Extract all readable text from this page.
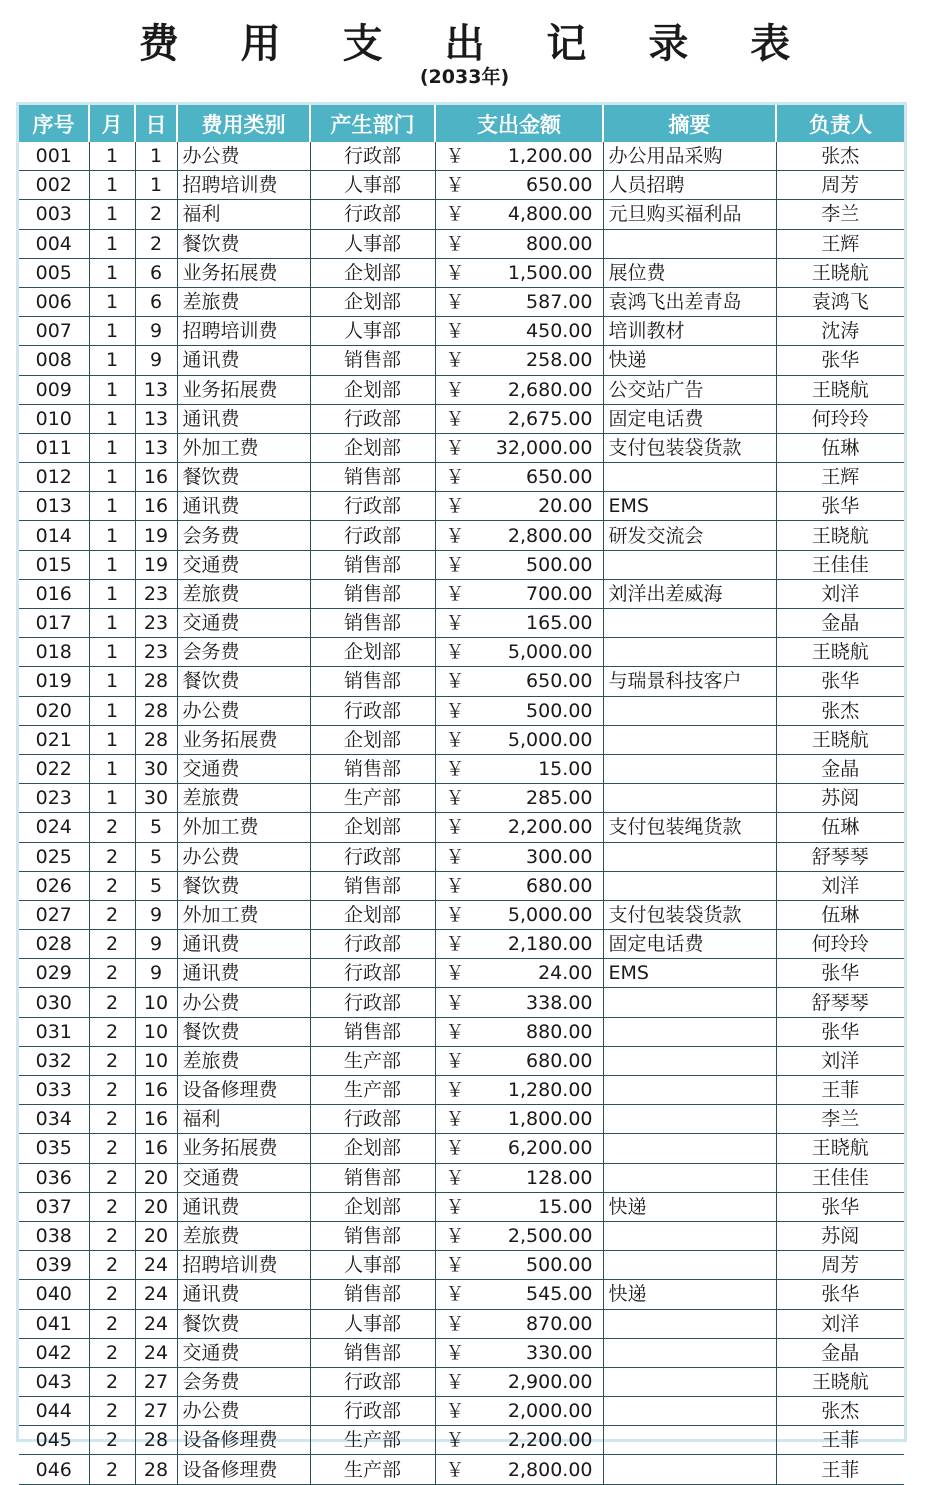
费 用 支 出 记 录 表
(2033年)
序号	月	日	费用类别	产生部门	支出金额	摘要	负责人
001	1	1	办公费	行政部	￥ 1,200.00	办公用品采购	张杰
002	1	1	招聘培训费	人事部	￥ 650.00	人员招聘	周芳
003	1	2	福利	行政部	￥ 4,800.00	元旦购买福利品	李兰
004	1	2	餐饮费	人事部	￥ 800.00		王辉
005	1	6	业务拓展费	企划部	￥ 1,500.00	展位费	王晓航
006	1	6	差旅费	企划部	￥ 587.00	袁鸿飞出差青岛	袁鸿飞
007	1	9	招聘培训费	人事部	￥ 450.00	培训教材	沈涛
008	1	9	通讯费	销售部	￥ 258.00	快递	张华
009	1	13	业务拓展费	企划部	￥ 2,680.00	公交站广告	王晓航
010	1	13	通讯费	行政部	￥ 2,675.00	固定电话费	何玲玲
011	1	13	外加工费	企划部	￥ 32,000.00	支付包装袋货款	伍琳
012	1	16	餐饮费	销售部	￥ 650.00		王辉
013	1	16	通讯费	行政部	￥ 20.00	EMS	张华
014	1	19	会务费	行政部	￥ 2,800.00	研发交流会	王晓航
015	1	19	交通费	销售部	￥ 500.00		王佳佳
016	1	23	差旅费	销售部	￥ 700.00	刘洋出差威海	刘洋
017	1	23	交通费	销售部	￥ 165.00		金晶
018	1	23	会务费	企划部	￥ 5,000.00		王晓航
019	1	28	餐饮费	销售部	￥ 650.00	与瑞景科技客户	张华
020	1	28	办公费	行政部	￥ 500.00		张杰
021	1	28	业务拓展费	企划部	￥ 5,000.00		王晓航
022	1	30	交通费	销售部	￥ 15.00		金晶
023	1	30	差旅费	生产部	￥ 285.00		苏阅
024	2	5	外加工费	企划部	￥ 2,200.00	支付包装绳货款	伍琳
025	2	5	办公费	行政部	￥ 300.00		舒琴琴
026	2	5	餐饮费	销售部	￥ 680.00		刘洋
027	2	9	外加工费	企划部	￥ 5,000.00	支付包装袋货款	伍琳
028	2	9	通讯费	行政部	￥ 2,180.00	固定电话费	何玲玲
029	2	9	通讯费	行政部	￥ 24.00	EMS	张华
030	2	10	办公费	行政部	￥ 338.00		舒琴琴
031	2	10	餐饮费	销售部	￥ 880.00		张华
032	2	10	差旅费	生产部	￥ 680.00		刘洋
033	2	16	设备修理费	生产部	￥ 1,280.00		王菲
034	2	16	福利	行政部	￥ 1,800.00		李兰
035	2	16	业务拓展费	企划部	￥ 6,200.00		王晓航
036	2	20	交通费	销售部	￥ 128.00		王佳佳
037	2	20	通讯费	企划部	￥ 15.00	快递	张华
038	2	20	差旅费	销售部	￥ 2,500.00		苏阅
039	2	24	招聘培训费	人事部	￥ 500.00		周芳
040	2	24	通讯费	销售部	￥ 545.00	快递	张华
041	2	24	餐饮费	人事部	￥ 870.00		刘洋
042	2	24	交通费	销售部	￥ 330.00		金晶
043	2	27	会务费	行政部	￥ 2,900.00		王晓航
044	2	27	办公费	行政部	￥ 2,000.00		张杰
045	2	28	设备修理费	生产部	￥ 2,200.00		王菲
046	2	28	设备修理费	生产部	￥ 2,800.00		王菲
